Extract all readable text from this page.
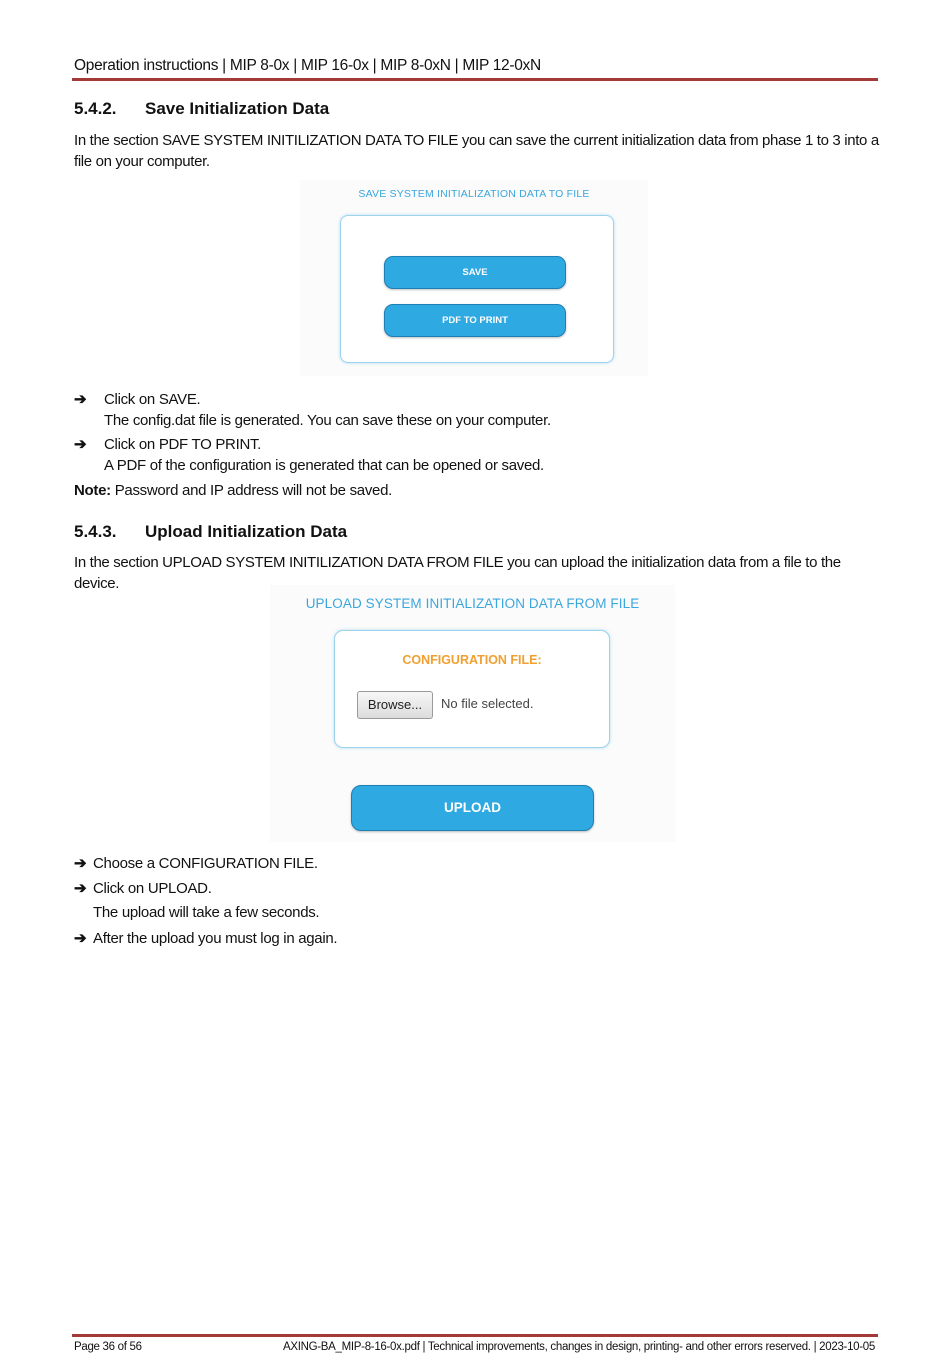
Operation instructions | MIP 8-0x | MIP 16-0x | MIP 8-0xN | MIP 12-0xN
5.4.2. Save Initialization Data
In the section SAVE SYSTEM INITILIZATION DATA TO FILE you can save the current initialization data from phase 1 to 3 into a file on your computer.
SAVE SYSTEM INITIALIZATION DATA TO FILE
SAVE
PDF TO PRINT
➔ Click on SAVE.
The config.dat file is generated. You can save these on your computer.
➔ Click on PDF TO PRINT.
A PDF of the configuration is generated that can be opened or saved.
Note: Password and IP address will not be saved.
5.4.3. Upload Initialization Data
In the section UPLOAD SYSTEM INITILIZATION DATA FROM FILE you can upload the initialization data from a file to the device.
UPLOAD SYSTEM INITIALIZATION DATA FROM FILE
CONFIGURATION FILE:
Browse...	No file selected.
UPLOAD
➔ Choose a CONFIGURATION FILE.
➔ Click on UPLOAD.
The upload will take a few seconds.
➔ After the upload you must log in again.
Page 36 of 56	AXING-BA_MIP-8-16-0x.pdf | Technical improvements, changes in design, printing- and other errors reserved. | 2023-10-05
